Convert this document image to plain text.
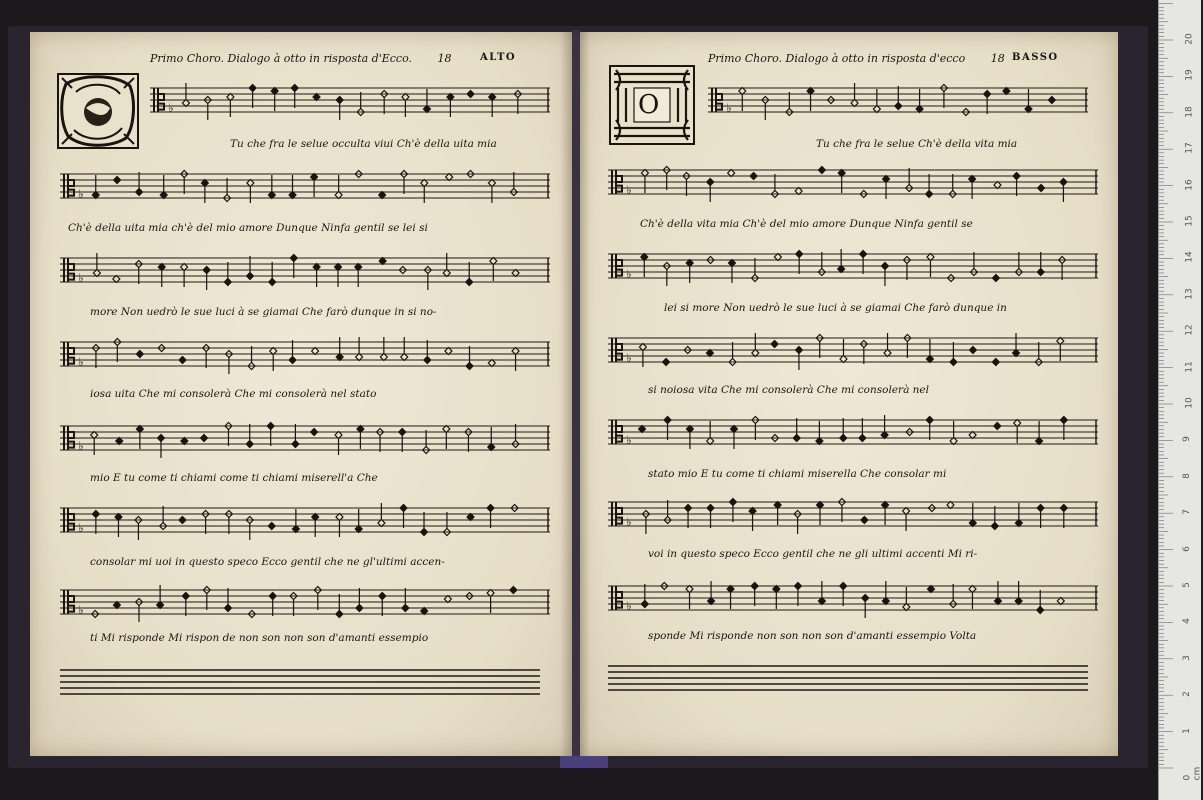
Primo Choro. Dialogo à otto in risposta d'Ecco. 18	ALTO
♭
Tu che fra le selue occulta viui Ch'è della uita mia
♭
Ch'è della uita mia ch'è del mio amore Dunque Ninfa gentil se lei si
♭
more Non uedrò le sue luci à se giamai Che farò dunque in si no-
♭
iosa uita Che mi consolerà Che mi consolerà nel stato
♭
mio E tu come ti chiami come ti chiami miserell'a Che
♭
consolar mi uoi in questo speco Ecco gentil che ne gl'ultimi accen-
♭
ti Mi risponde Mi rispon de non son non son d'amanti essempio
Primo Choro. Dialogo à otto in risposta d'ecco 18 BASSO
O	♭
Tu che fra le selue Ch'è della vita mia
♭
Ch'è della vita mia Ch'è del mio amore Dunque Ninfa gentil se
♭
lei si more Non uedrò le sue luci à se giamai Che farò dunque in
♭
si noiosa vita Che mi consolerà Che mi consolerà nel
♭
stato mio E tu come ti chiami miserella Che consolar mi
♭
voi in questo speco Ecco gentil che ne gli ultimi accenti Mi ri-
♭
sponde Mi risponde non son non son d'amanti essempio Volta
0 cm
1
2
3
4
5
6
7
8
9
10
11
12
13
14
15
16
17
18
19
20
